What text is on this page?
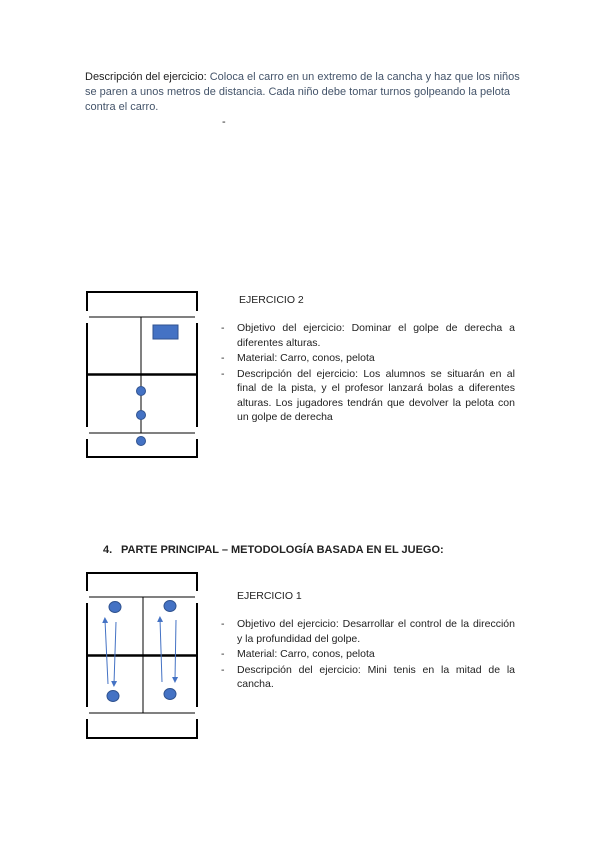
Descripción del ejercicio: Coloca el carro en un extremo de la cancha y haz que los niños se paren a unos metros de distancia. Cada niño debe tomar turnos golpeando la pelota contra el carro.
-
EJERCICIO 2
- Objetivo del ejercicio: Dominar el golpe de derecha a diferentes alturas.
- Material: Carro, conos, pelota
- Descripción del ejercicio: Los alumnos se situarán en al final de la pista, y el profesor lanzará bolas a diferentes alturas. Los jugadores tendrán que devolver la pelota con un golpe de derecha
4. PARTE PRINCIPAL – METODOLOGÍA BASADA EN EL JUEGO:
EJERCICIO 1
- Objetivo del ejercicio: Desarrollar el control de la dirección y la profundidad del golpe.
- Material: Carro, conos, pelota
- Descripción del ejercicio: Mini tenis en la mitad de la cancha.
